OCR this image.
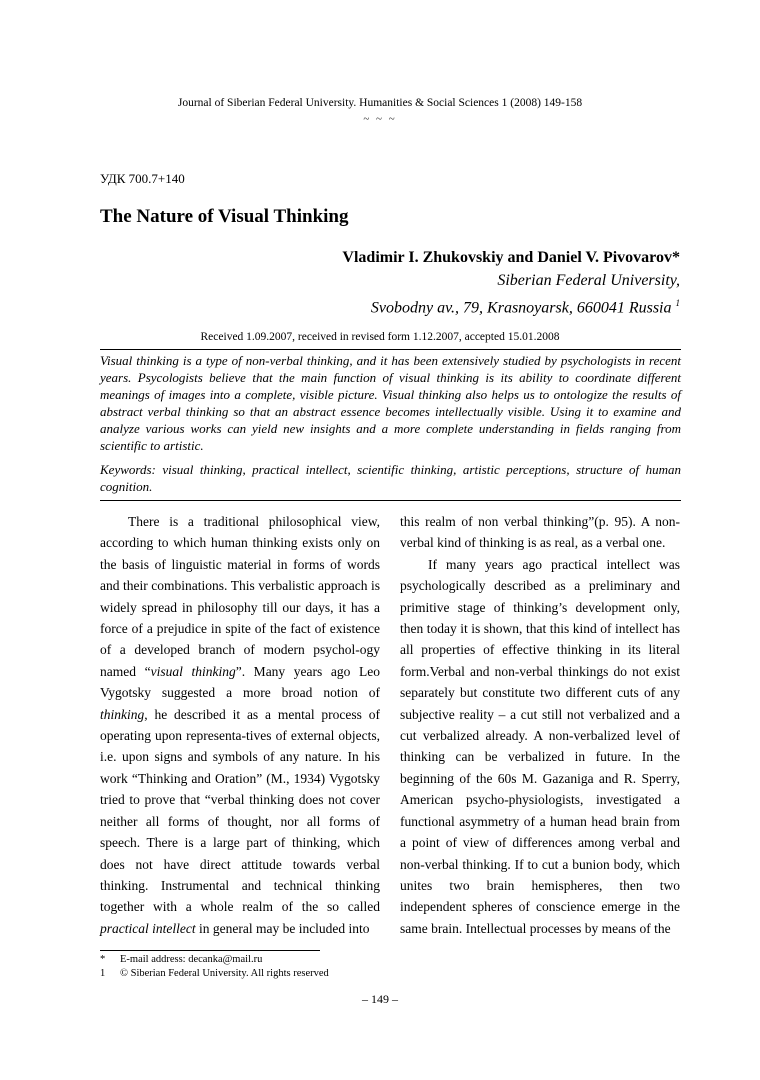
Journal of Siberian Federal University. Humanities & Social Sciences 1 (2008) 149-158
~ ~ ~
УДК 700.7+140
The Nature of Visual Thinking
Vladimir I. Zhukovskiy and Daniel V. Pivovarov*
Siberian Federal University,
Svobodny av., 79, Krasnoyarsk, 660041 Russia $^1$
Received 1.09.2007, received in revised form 1.12.2007, accepted 15.01.2008

Visual thinking is a type of non-verbal thinking, and it has been extensively studied by psychologists in recent years. Psycologists believe that the main function of visual thinking is its ability to coordinate different meanings of images into a complete, visible picture. Visual thinking also helps us to ontologize the results of abstract verbal thinking so that an abstract essence becomes intellectually visible. Using it to examine and analyze various works can yield new insights and a more complete understanding in fields ranging from scientific to artistic.

Keywords: visual thinking, practical intellect, scientific thinking, artistic perceptions, structure of human cognition.

There is a traditional philosophical view, according to which human thinking exists only on the basis of linguistic material in forms of words and their combinations. This verbalistic approach is widely spread in philosophy till our days, it has a force of a prejudice in spite of the fact of existence of a developed branch of modern psychol-ogy named “visual thinking”. Many years ago Leo Vygotsky suggested a more broad notion of thinking, he described it as a mental process of operating upon representa-tives of external objects, i.e. upon signs and symbols of any nature. In his work “Thinking and Oration” (M., 1934) Vygotsky tried to prove that “verbal thinking does not cover neither all forms of thought, nor all forms of speech. There is a large part of thinking, which does not have direct attitude towards verbal thinking. Instrumental and technical thinking together with a whole realm of the so called practical intellect in general may be included into

this realm of non verbal thinking”(p. 95). A non-verbal kind of thinking is as real, as a verbal one.

If many years ago practical intellect was psychologically described as a preliminary and primitive stage of thinking’s development only, then today it is shown, that this kind of intellect has all properties of effective thinking in its literal form.Verbal and non-verbal thinkings do not exist separately but constitute two different cuts of any subjective reality – a cut still not verbalized and a cut verbalized already. A non-verbalized level of thinking can be verbalized in future. In the beginning of the 60s M. Gazaniga and R. Sperry, American psycho-physiologists, investigated a functional asymmetry of a human head brain from a point of view of differences among verbal and non-verbal thinking. If to cut a bunion body, which unites two brain hemispheres, then two independent spheres of conscience emerge in the same brain. Intellectual processes by means of the

*	E-mail address: decanka@mail.ru
1	© Siberian Federal University. All rights reserved
– 149 –
